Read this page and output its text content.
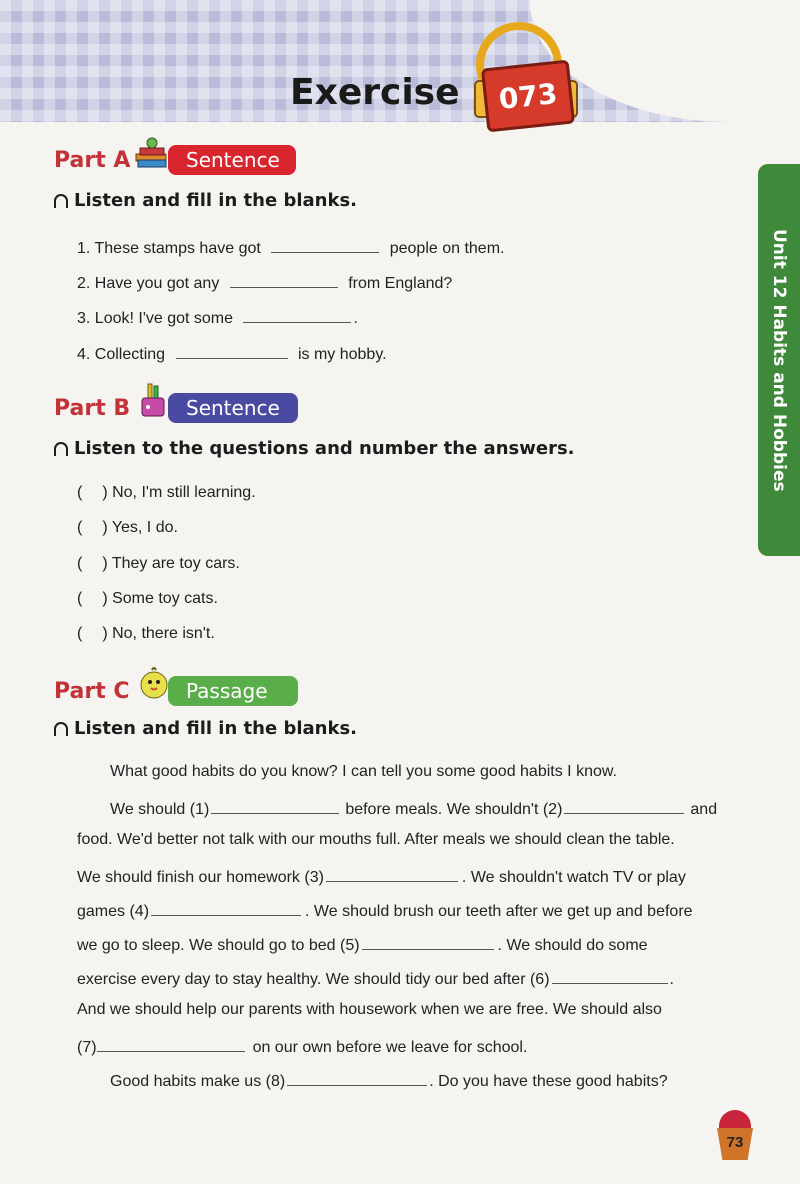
Exercise	073
Unit 12 Habits and Hobbies
Part A	Sentence
Listen and fill in the blanks.
1. These stamps have got	people on them.
2. Have you got any	from England?
3. Look! I've got some	.
4. Collecting	is my hobby.
Part B	Sentence
Listen to the questions and number the answers.
( ) No, I'm still learning.
( ) Yes, I do.
( ) They are toy cars.
( ) Some toy cats.
( ) No, there isn't.
Part C	Passage
Listen and fill in the blanks.
What good habits do you know? I can tell you some good habits I know.
We should (1)	before meals. We shouldn't (2)	and
food. We'd better not talk with our mouths full. After meals we should clean the table.
We should finish our homework (3)	. We shouldn't watch TV or play
games (4)	. We should brush our teeth after we get up and before
we go to sleep. We should go to bed (5)	. We should do some
exercise every day to stay healthy. We should tidy our bed after (6)	.
And we should help our parents with housework when we are free. We should also
(7)	on our own before we leave for school.
Good habits make us (8)	. Do you have these good habits?
73
